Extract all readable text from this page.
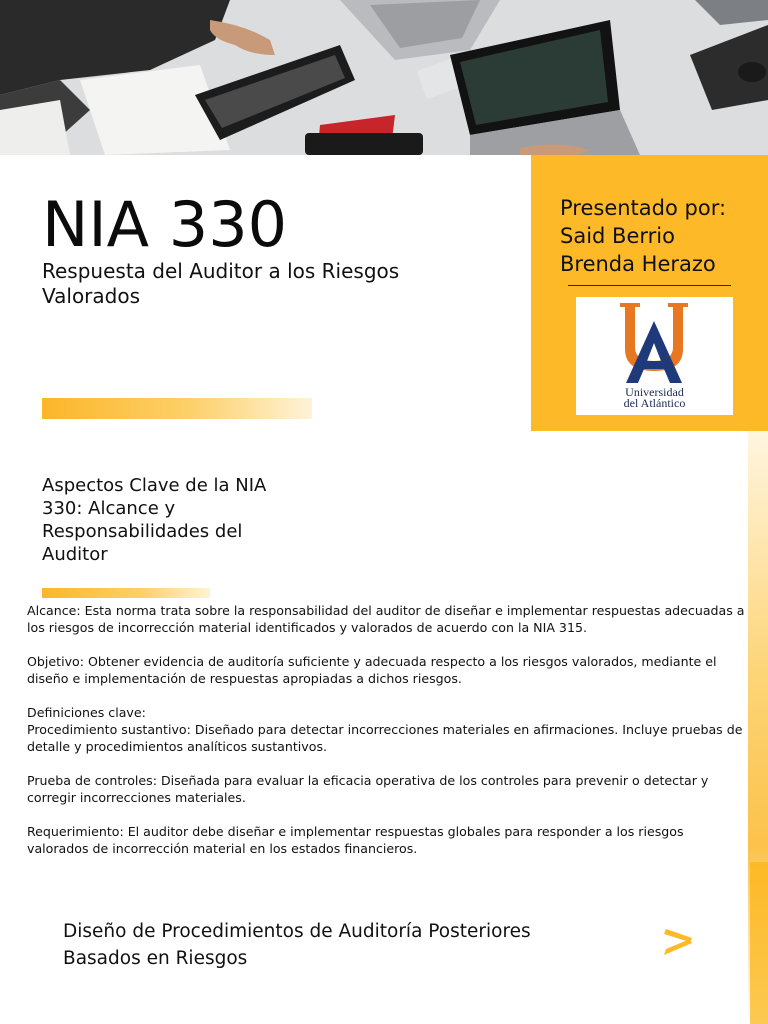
NIA 330
Respuesta del Auditor a los Riesgos Valorados
Presentado por:
Said Berrio
Brenda Herazo
Universidad
del Atlántico
Aspectos Clave de la NIA 330: Alcance y Responsabilidades del Auditor

Alcance: Esta norma trata sobre la responsabilidad del auditor de diseñar e implementar respuestas adecuadas a los riesgos de incorrección material identificados y valorados de acuerdo con la NIA 315.

Objetivo: Obtener evidencia de auditoría suficiente y adecuada respecto a los riesgos valorados, mediante el diseño e implementación de respuestas apropiadas a dichos riesgos.

Definiciones clave:
Procedimiento sustantivo: Diseñado para detectar incorrecciones materiales en afirmaciones. Incluye pruebas de detalle y procedimientos analíticos sustantivos.

Prueba de controles: Diseñada para evaluar la eficacia operativa de los controles para prevenir o detectar y corregir incorrecciones materiales.

Requerimiento: El auditor debe diseñar e implementar respuestas globales para responder a los riesgos valorados de incorrección material en los estados financieros.

Diseño de Procedimientos de Auditoría Posteriores Basados en Riesgos
